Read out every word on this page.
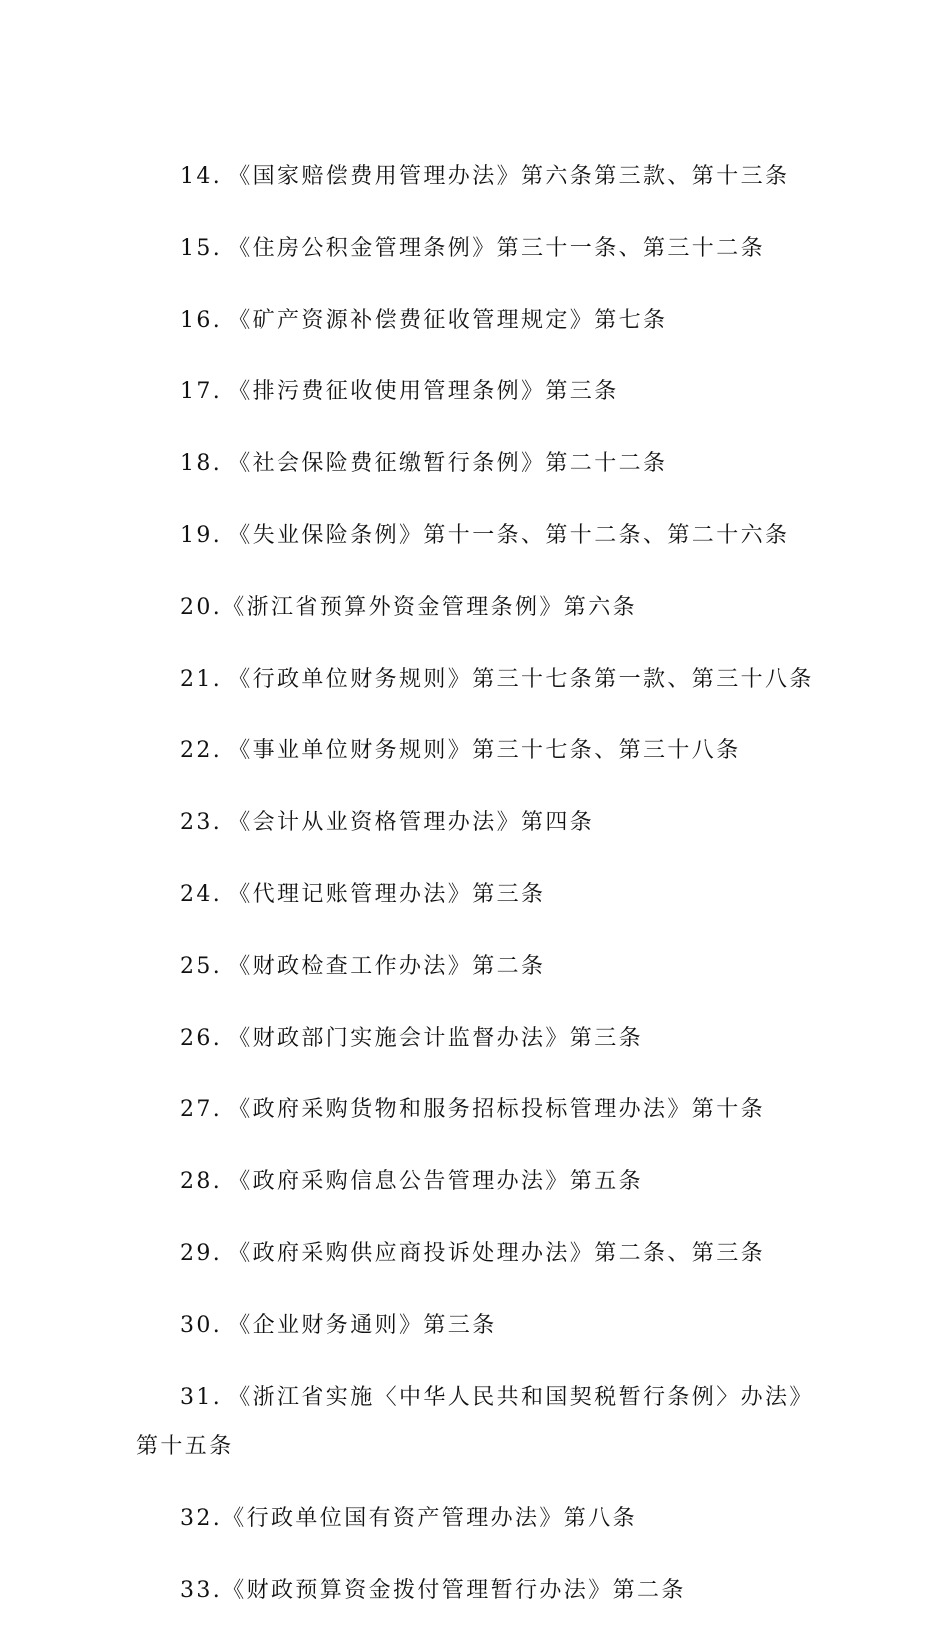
14. 《国家赔偿费用管理办法》第六条第三款、第十三条

15. 《住房公积金管理条例》第三十一条、第三十二条

16. 《矿产资源补偿费征收管理规定》第七条

17. 《排污费征收使用管理条例》第三条

18. 《社会保险费征缴暂行条例》第二十二条

19. 《失业保险条例》第十一条、第十二条、第二十六条

20.《浙江省预算外资金管理条例》第六条

21. 《行政单位财务规则》第三十七条第一款、第三十八条

22. 《事业单位财务规则》第三十七条、第三十八条

23. 《会计从业资格管理办法》第四条

24. 《代理记账管理办法》第三条

25. 《财政检查工作办法》第二条

26. 《财政部门实施会计监督办法》第三条

27. 《政府采购货物和服务招标投标管理办法》第十条

28. 《政府采购信息公告管理办法》第五条

29. 《政府采购供应商投诉处理办法》第二条、第三条

30. 《企业财务通则》第三条

31. 《浙江省实施〈中华人民共和国契税暂行条例〉办法》第十五条

32.《行政单位国有资产管理办法》第八条

33.《财政预算资金拨付管理暂行办法》第二条
